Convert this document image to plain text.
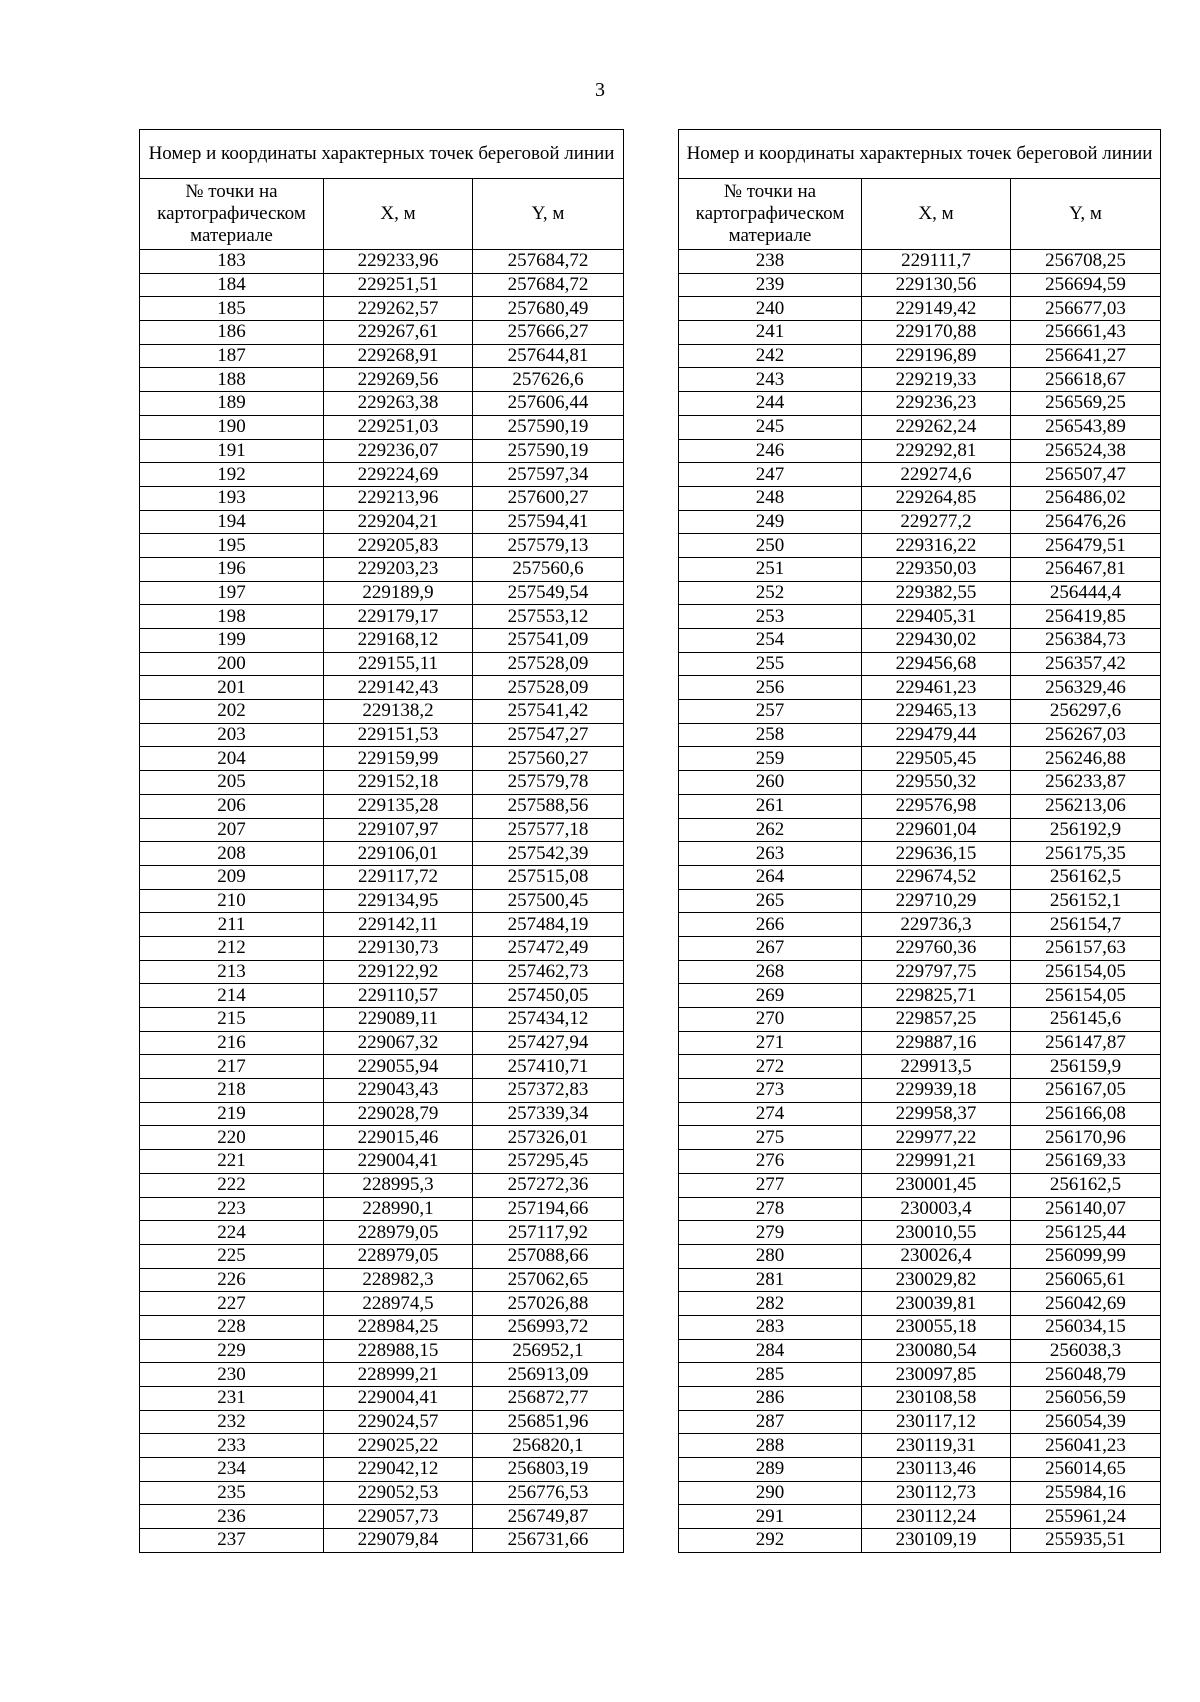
3
Номер и координаты характерных точек береговой линии		
№ точки на картографическом материале	X, м	Y, м
183	229233,96	257684,72
184	229251,51	257684,72
185	229262,57	257680,49
186	229267,61	257666,27
187	229268,91	257644,81
188	229269,56	257626,6
189	229263,38	257606,44
190	229251,03	257590,19
191	229236,07	257590,19
192	229224,69	257597,34
193	229213,96	257600,27
194	229204,21	257594,41
195	229205,83	257579,13
196	229203,23	257560,6
197	229189,9	257549,54
198	229179,17	257553,12
199	229168,12	257541,09
200	229155,11	257528,09
201	229142,43	257528,09
202	229138,2	257541,42
203	229151,53	257547,27
204	229159,99	257560,27
205	229152,18	257579,78
206	229135,28	257588,56
207	229107,97	257577,18
208	229106,01	257542,39
209	229117,72	257515,08
210	229134,95	257500,45
211	229142,11	257484,19
212	229130,73	257472,49
213	229122,92	257462,73
214	229110,57	257450,05
215	229089,11	257434,12
216	229067,32	257427,94
217	229055,94	257410,71
218	229043,43	257372,83
219	229028,79	257339,34
220	229015,46	257326,01
221	229004,41	257295,45
222	228995,3	257272,36
223	228990,1	257194,66
224	228979,05	257117,92
225	228979,05	257088,66
226	228982,3	257062,65
227	228974,5	257026,88
228	228984,25	256993,72
229	228988,15	256952,1
230	228999,21	256913,09
231	229004,41	256872,77
232	229024,57	256851,96
233	229025,22	256820,1
234	229042,12	256803,19
235	229052,53	256776,53
236	229057,73	256749,87
237	229079,84	256731,66
Номер и координаты характерных точек береговой линии		
№ точки на картографическом материале	X, м	Y, м
238	229111,7	256708,25
239	229130,56	256694,59
240	229149,42	256677,03
241	229170,88	256661,43
242	229196,89	256641,27
243	229219,33	256618,67
244	229236,23	256569,25
245	229262,24	256543,89
246	229292,81	256524,38
247	229274,6	256507,47
248	229264,85	256486,02
249	229277,2	256476,26
250	229316,22	256479,51
251	229350,03	256467,81
252	229382,55	256444,4
253	229405,31	256419,85
254	229430,02	256384,73
255	229456,68	256357,42
256	229461,23	256329,46
257	229465,13	256297,6
258	229479,44	256267,03
259	229505,45	256246,88
260	229550,32	256233,87
261	229576,98	256213,06
262	229601,04	256192,9
263	229636,15	256175,35
264	229674,52	256162,5
265	229710,29	256152,1
266	229736,3	256154,7
267	229760,36	256157,63
268	229797,75	256154,05
269	229825,71	256154,05
270	229857,25	256145,6
271	229887,16	256147,87
272	229913,5	256159,9
273	229939,18	256167,05
274	229958,37	256166,08
275	229977,22	256170,96
276	229991,21	256169,33
277	230001,45	256162,5
278	230003,4	256140,07
279	230010,55	256125,44
280	230026,4	256099,99
281	230029,82	256065,61
282	230039,81	256042,69
283	230055,18	256034,15
284	230080,54	256038,3
285	230097,85	256048,79
286	230108,58	256056,59
287	230117,12	256054,39
288	230119,31	256041,23
289	230113,46	256014,65
290	230112,73	255984,16
291	230112,24	255961,24
292	230109,19	255935,51
